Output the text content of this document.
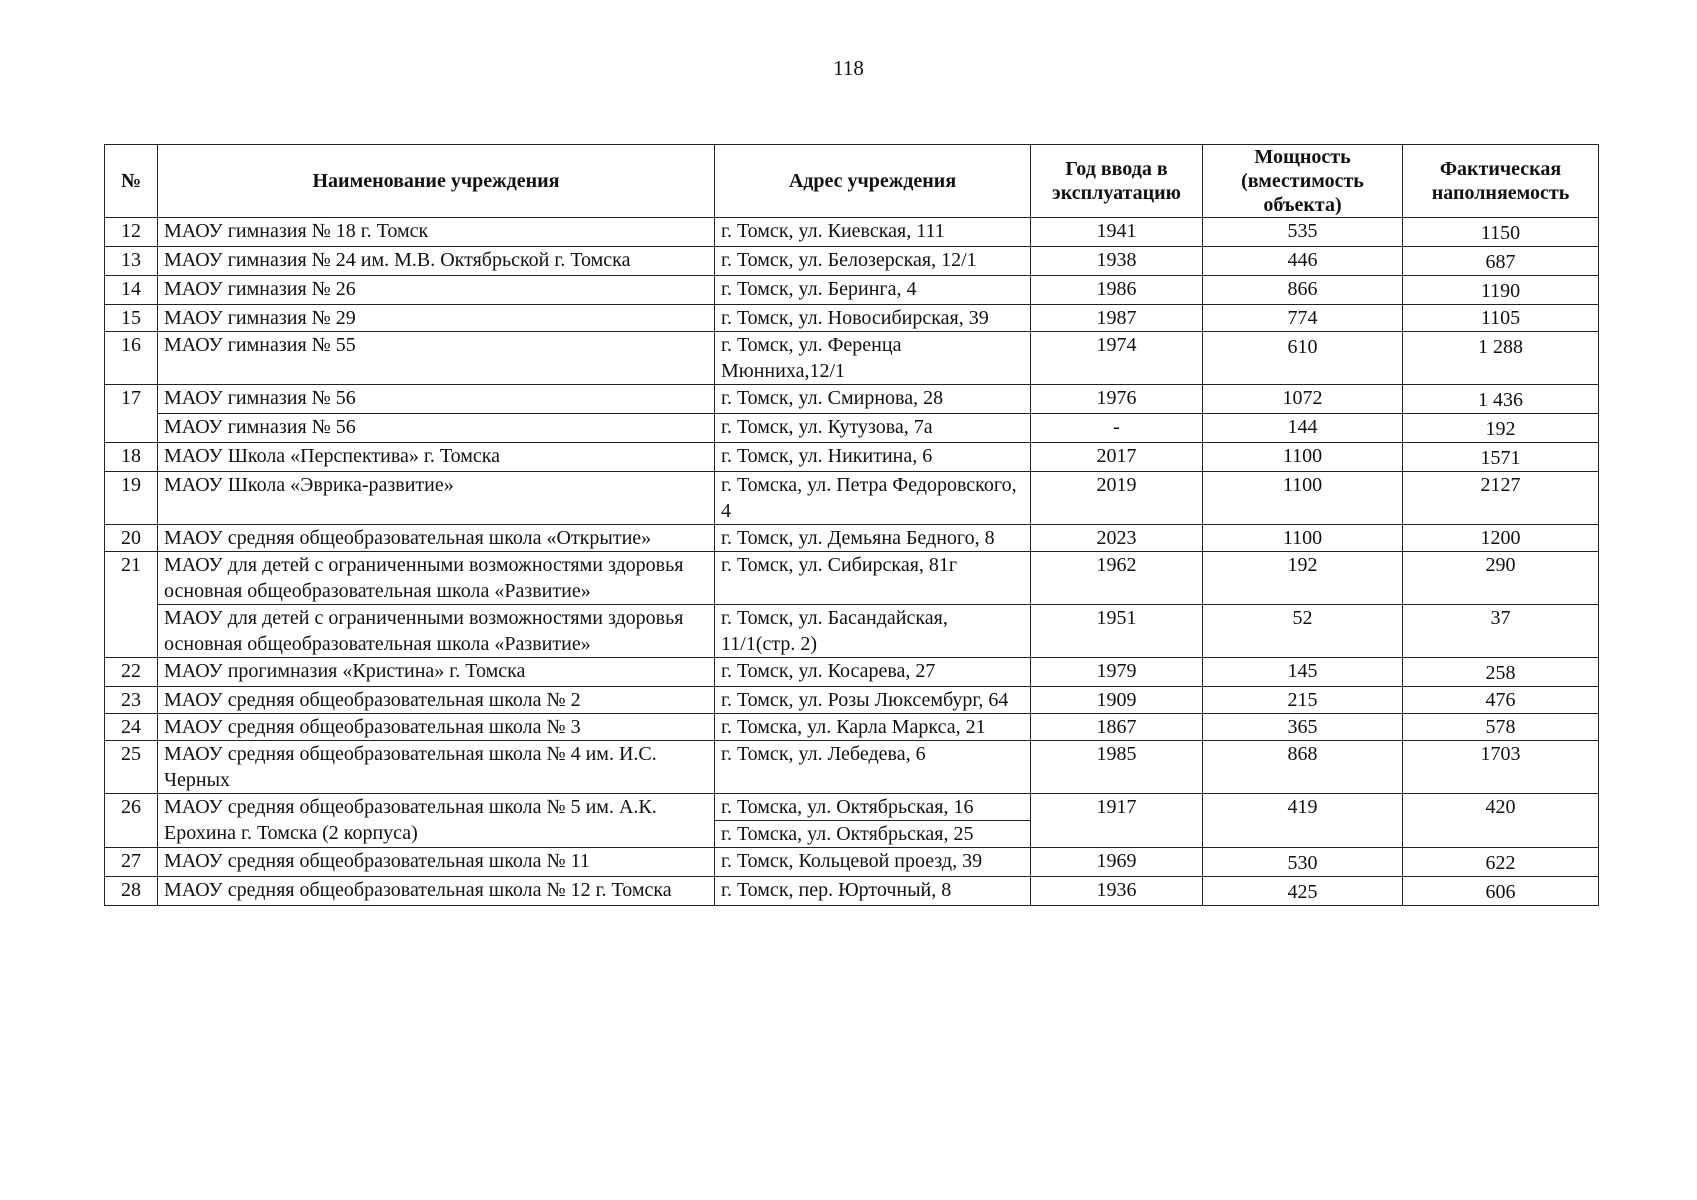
118
№	Наименование учреждения	Адрес учреждения	Год ввода в эксплуатацию	Мощность (вместимость объекта)	Фактическая наполняемость
12	МАОУ гимназия № 18 г. Томск	г. Томск, ул. Киевская, 111	1941	535	1150
13	МАОУ гимназия № 24 им. М.В. Октябрьской г. Томска	г. Томск, ул. Белозерская, 12/1	1938	446	687
14	МАОУ гимназия № 26	г. Томск, ул. Беринга, 4	1986	866	1190
15	МАОУ гимназия № 29	г. Томск, ул. Новосибирская, 39	1987	774	1105
16	МАОУ гимназия № 55	г. Томск, ул. Ференца Мюнниха,12/1	1974	610	1 288
17	МАОУ гимназия № 56	г. Томск, ул. Смирнова, 28	1976	1072	1 436
	МАОУ гимназия № 56	г. Томск, ул. Кутузова, 7а	-	144	192
18	МАОУ Школа «Перспектива» г. Томска	г. Томск, ул. Никитина, 6	2017	1100	1571
19	МАОУ Школа «Эврика-развитие»	г. Томска, ул. Петра Федоровского, 4	2019	1100	2127
20	МАОУ средняя общеобразовательная школа «Открытие»	г. Томск, ул. Демьяна Бедного, 8	2023	1100	1200
21	МАОУ для детей с ограниченными возможностями здоровья основная общеобразовательная школа «Развитие»	г. Томск, ул. Сибирская, 81г	1962	192	290
	МАОУ для детей с ограниченными возможностями здоровья основная общеобразовательная школа «Развитие»	г. Томск, ул. Басандайская, 11/1(стр. 2)	1951	52	37
22	МАОУ прогимназия «Кристина» г. Томска	г. Томск, ул. Косарева, 27	1979	145	258
23	МАОУ средняя общеобразовательная школа № 2	г. Томск, ул. Розы Люксембург, 64	1909	215	476
24	МАОУ средняя общеобразовательная школа № 3	г. Томска, ул. Карла Маркса, 21	1867	365	578
25	МАОУ средняя общеобразовательная школа № 4 им. И.С. Черных	г. Томск, ул. Лебедева, 6	1985	868	1703
26	МАОУ средняя общеобразовательная школа № 5 им. А.К. Ерохина г. Томска (2 корпуса)	г. Томска, ул. Октябрьская, 16	1917	419	420
		г. Томска, ул. Октябрьская, 25			
27	МАОУ средняя общеобразовательная школа № 11	г. Томск, Кольцевой проезд, 39	1969	530	622
28	МАОУ средняя общеобразовательная школа № 12 г. Томска	г. Томск, пер. Юрточный, 8	1936	425	606
